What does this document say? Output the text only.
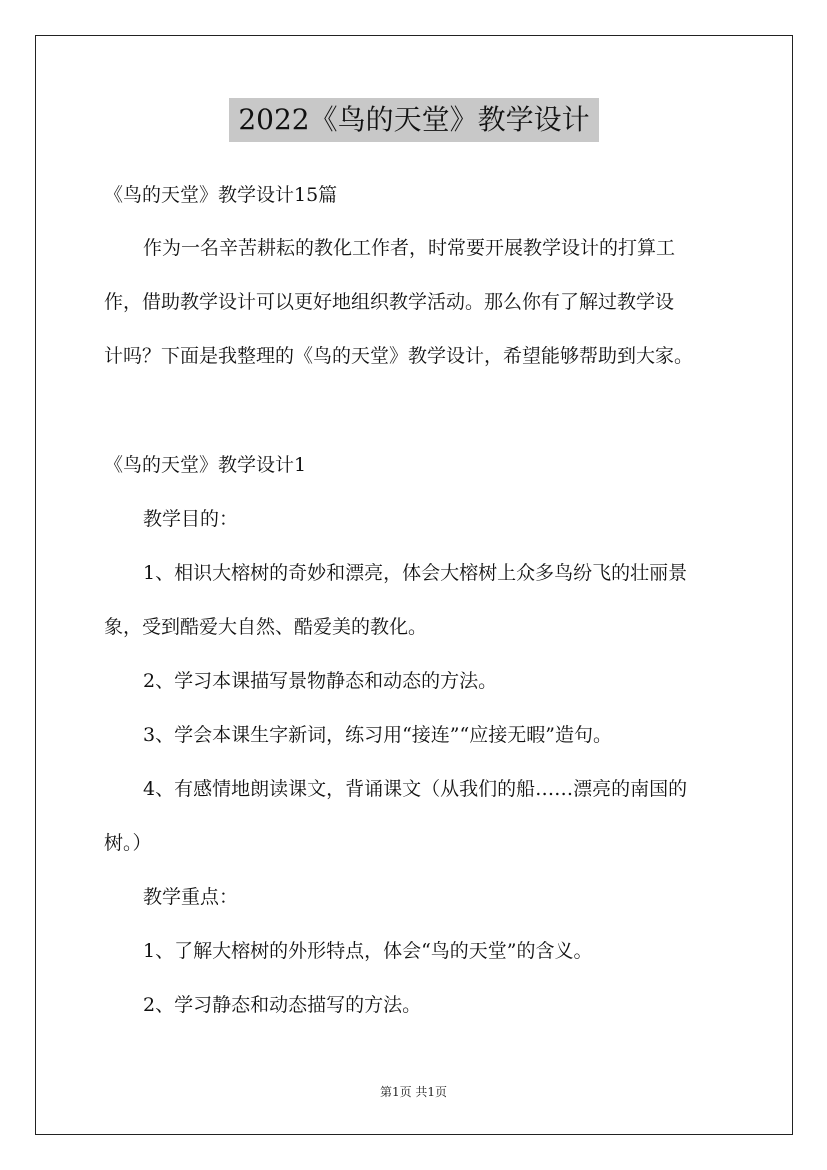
2022《鸟的天堂》教学设计

《鸟的天堂》教学设计15篇

作为一名辛苦耕耘的教化工作者，时常要开展教学设计的打算工

作，借助教学设计可以更好地组织教学活动。那么你有了解过教学设

计吗？下面是我整理的《鸟的天堂》教学设计，希望能够帮助到大家。

《鸟的天堂》教学设计1

教学目的：

1、相识大榕树的奇妙和漂亮，体会大榕树上众多鸟纷飞的壮丽景

象，受到酷爱大自然、酷爱美的教化。

2、学习本课描写景物静态和动态的方法。

3、学会本课生字新词，练习用“接连”“应接无暇”造句。

4、有感情地朗读课文，背诵课文（从我们的船……漂亮的南国的

树。）

教学重点：

1、了解大榕树的外形特点，体会“鸟的天堂”的含义。

2、学习静态和动态描写的方法。

第1页 共1页
